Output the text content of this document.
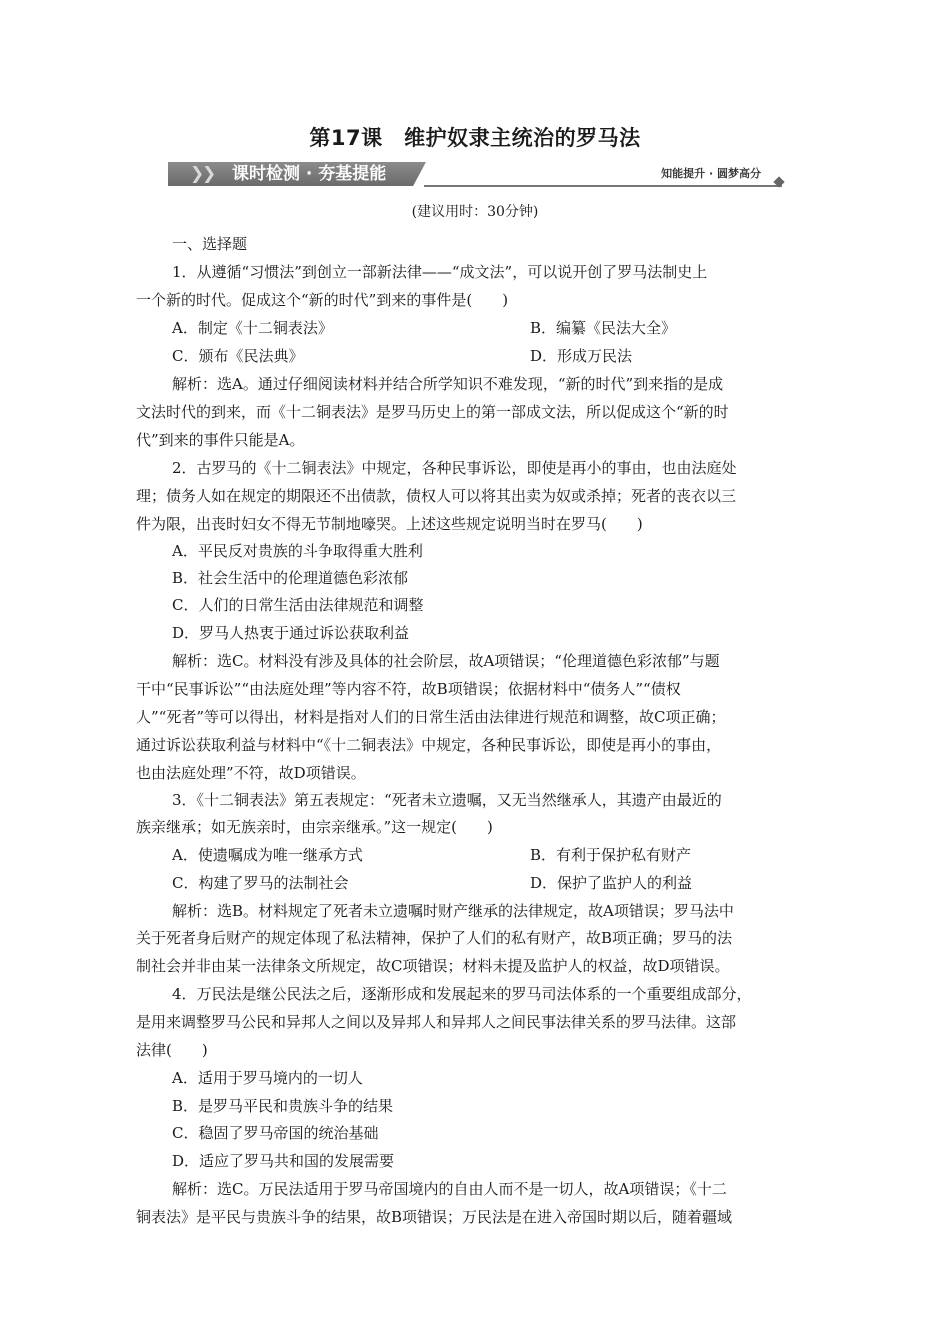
第17课　维护奴隶主统治的罗马法
❯
❯ 课时检测 · 夯基提能	知能提升 · 圆梦高分
(建议用时：30分钟)
一、选择题
1．从遵循“习惯法”到创立一部新法律——“成文法”，可以说开创了罗马法制史上
一个新的时代。促成这个“新的时代”到来的事件是(　　)
A．制定《十二铜表法》	B．编纂《民法大全》
C．颁布《民法典》	D．形成万民法
解析：选A。通过仔细阅读材料并结合所学知识不难发现，“新的时代”到来指的是成
文法时代的到来，而《十二铜表法》是罗马历史上的第一部成文法，所以促成这个“新的时
代”到来的事件只能是A。
2．古罗马的《十二铜表法》中规定，各种民事诉讼，即使是再小的事由，也由法庭处
理；债务人如在规定的期限还不出债款，债权人可以将其出卖为奴或杀掉；死者的丧衣以三
件为限，出丧时妇女不得无节制地嚎哭。上述这些规定说明当时在罗马(　　)
A．平民反对贵族的斗争取得重大胜利
B．社会生活中的伦理道德色彩浓郁
C．人们的日常生活由法律规范和调整
D．罗马人热衷于通过诉讼获取利益
解析：选C。材料没有涉及具体的社会阶层，故A项错误；“伦理道德色彩浓郁”与题
干中“民事诉讼”“由法庭处理”等内容不符，故B项错误；依据材料中“债务人”“债权
人”“死者”等可以得出，材料是指对人们的日常生活由法律进行规范和调整，故C项正确；
通过诉讼获取利益与材料中“《十二铜表法》中规定，各种民事诉讼，即使是再小的事由，
也由法庭处理”不符，故D项错误。
3．《十二铜表法》第五表规定：“死者未立遗嘱，又无当然继承人，其遗产由最近的
族亲继承；如无族亲时，由宗亲继承。”这一规定(　　)
A．使遗嘱成为唯一继承方式	B．有利于保护私有财产
C．构建了罗马的法制社会	D．保护了监护人的利益
解析：选B。材料规定了死者未立遗嘱时财产继承的法律规定，故A项错误；罗马法中
关于死者身后财产的规定体现了私法精神，保护了人们的私有财产，故B项正确；罗马的法
制社会并非由某一法律条文所规定，故C项错误；材料未提及监护人的权益，故D项错误。
4．万民法是继公民法之后，逐渐形成和发展起来的罗马司法体系的一个重要组成部分，
是用来调整罗马公民和异邦人之间以及异邦人和异邦人之间民事法律关系的罗马法律。这部
法律(　　)
A．适用于罗马境内的一切人
B．是罗马平民和贵族斗争的结果
C．稳固了罗马帝国的统治基础
D．适应了罗马共和国的发展需要
解析：选C。万民法适用于罗马帝国境内的自由人而不是一切人，故A项错误；《十二
铜表法》是平民与贵族斗争的结果，故B项错误；万民法是在进入帝国时期以后，随着疆域
